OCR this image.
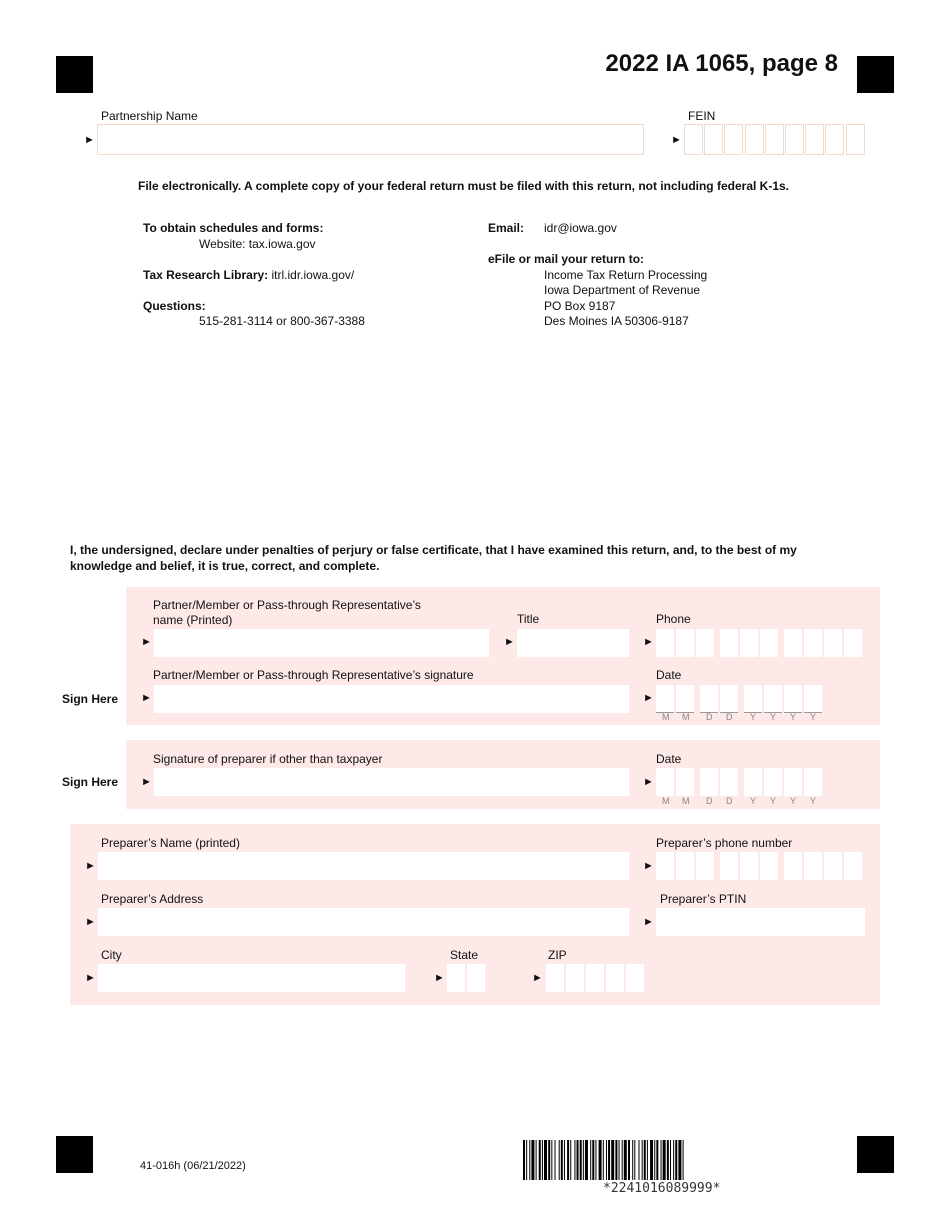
2022 IA 1065, page 8
Partnership Name
►
FEIN
►
File electronically. A complete copy of your federal return must be filed with this return, not including federal K-1s.
To obtain schedules and forms:
Website: tax.iowa.gov
Tax Research Library: itrl.idr.iowa.gov/
Questions:
515-281-3114 or 800-367-3388
Email: idr@iowa.gov
eFile or mail your return to:
Income Tax Return Processing
Iowa Department of Revenue
PO Box 9187
Des Moines IA 50306-9187
I, the undersigned, declare under penalties of perjury or false certificate, that I have examined this return, and, to the best of my knowledge and belief, it is true, correct, and complete.
Partner/Member or Pass-through Representative’s
name (Printed)	Title	Phone
►	►	►
Partner/Member or Pass-through Representative’s signature	Date
Sign Here ►	►
M M D D Y Y Y Y
Signature of preparer if other than taxpayer	Date
Sign Here ►	►
M M D D Y Y Y Y
Preparer’s Name (printed)	Preparer’s phone number
►	►
Preparer’s Address	Preparer’s PTIN
►	►
City	State	ZIP
►	►	►
41-016h (06/21/2022)
*2241016089999*
